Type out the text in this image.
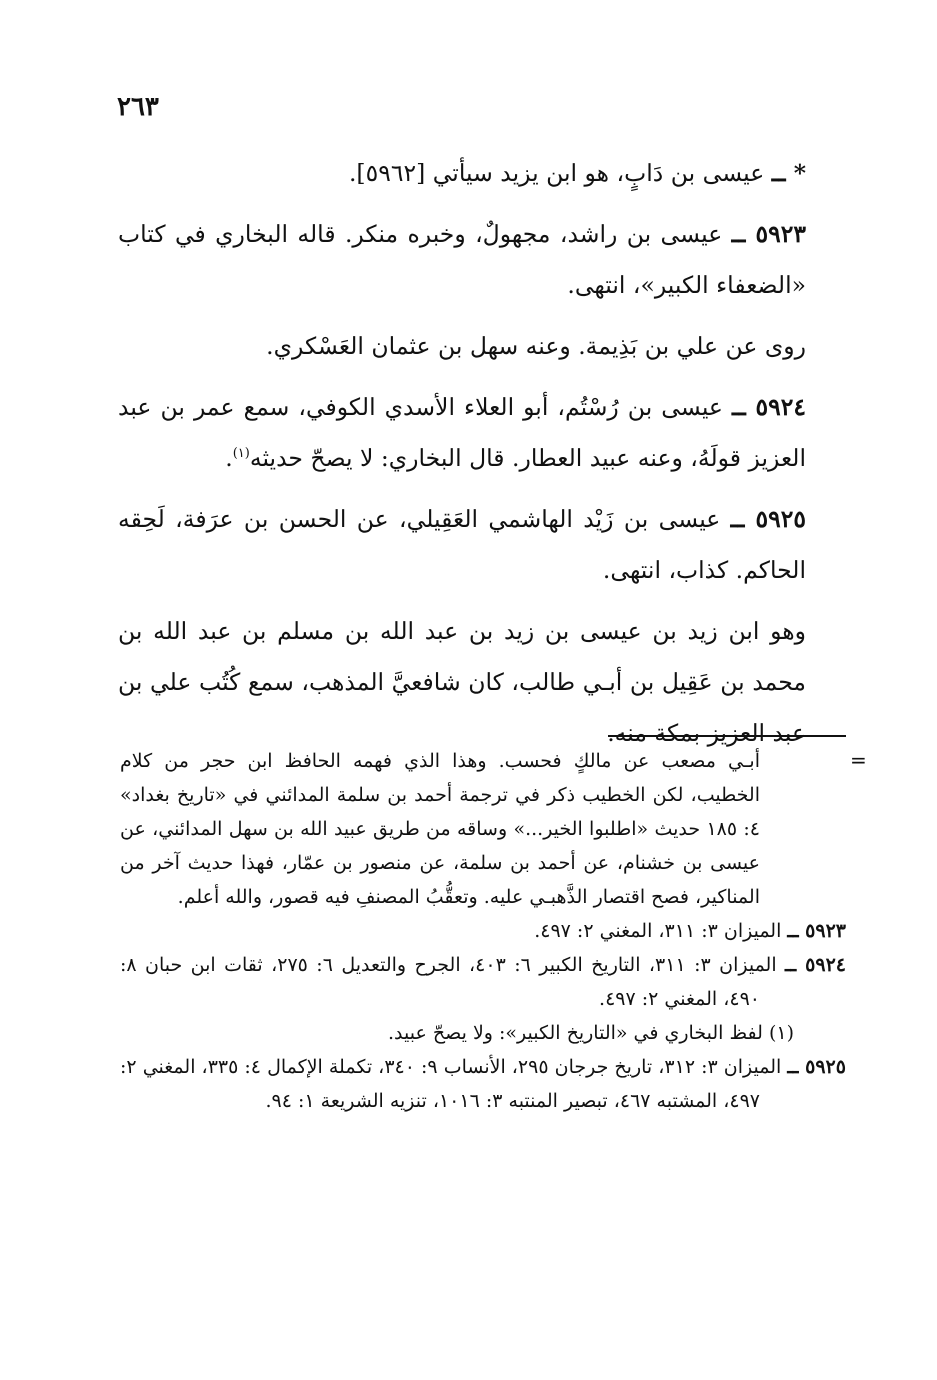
٢٦٣

* ــ عيسى بن دَابٍ، هو ابن يزيد سيأتي [٥٩٦٢].

٥٩٢٣ ــ عيسى بن راشد، مجهولٌ، وخبره منكر. قاله البخاري في كتاب «الضعفاء الكبير»، انتهى.

روى عن علي بن بَذِيمة. وعنه سهل بن عثمان العَسْكري.

٥٩٢٤ ــ عيسى بن رُسْتُم، أبو العلاء الأسدي الكوفي، سمع عمر بن عبد العزيز قولَهُ، وعنه عبيد العطار. قال البخاري: لا يصحّ حديثه$^{(١)}$.

٥٩٢٥ ــ عيسى بن زَيْد الهاشمي العَقِيلي، عن الحسن بن عرَفة، لَحِقه الحاكم. كذاب، انتهى.

وهو ابن زيد بن عيسى بن زيد بن عبد الله بن مسلم بن عبد الله بن محمد بن عَقِيل بن أبـي طالب، كان شافعيَّ المذهب، سمع كُتُب علي بن عبد العزيز بمكة منه.

=

أبـي مصعب عن مالكٍ فحسب. وهذا الذي فهمه الحافظ ابن حجر من كلام الخطيب، لكن الخطيب ذكر في ترجمة أحمد بن سلمة المدائني في «تاريخ بغداد» ٤: ١٨٥ حديث «اطلبوا الخير...» وساقه من طريق عبيد الله بن سهل المدائني، عن عيسى بن خشنام، عن أحمد بن سلمة، عن منصور بن عمّار، فهذا حديث آخر من المناكير، فصح اقتصار الذَّهبـي عليه. وتعقُّبُ المصنفِ فيه قصور، والله أعلم.

٥٩٢٣ ــ الميزان ٣: ٣١١، المغني ٢: ٤٩٧.

٥٩٢٤ ــ الميزان ٣: ٣١١، التاريخ الكبير ٦: ٤٠٣، الجرح والتعديل ٦: ٢٧٥، ثقات ابن حبان ٨: ٤٩٠، المغني ٢: ٤٩٧.

(١) لفظ البخاري في «التاريخ الكبير»: ولا يصحّ عبيد.

٥٩٢٥ ــ الميزان ٣: ٣١٢، تاريخ جرجان ٢٩٥، الأنساب ٩: ٣٤٠، تكملة الإكمال ٤: ٣٣٥، المغني ٢: ٤٩٧، المشتبه ٤٦٧، تبصير المنتبه ٣: ١٠١٦، تنزيه الشريعة ١: ٩٤.
